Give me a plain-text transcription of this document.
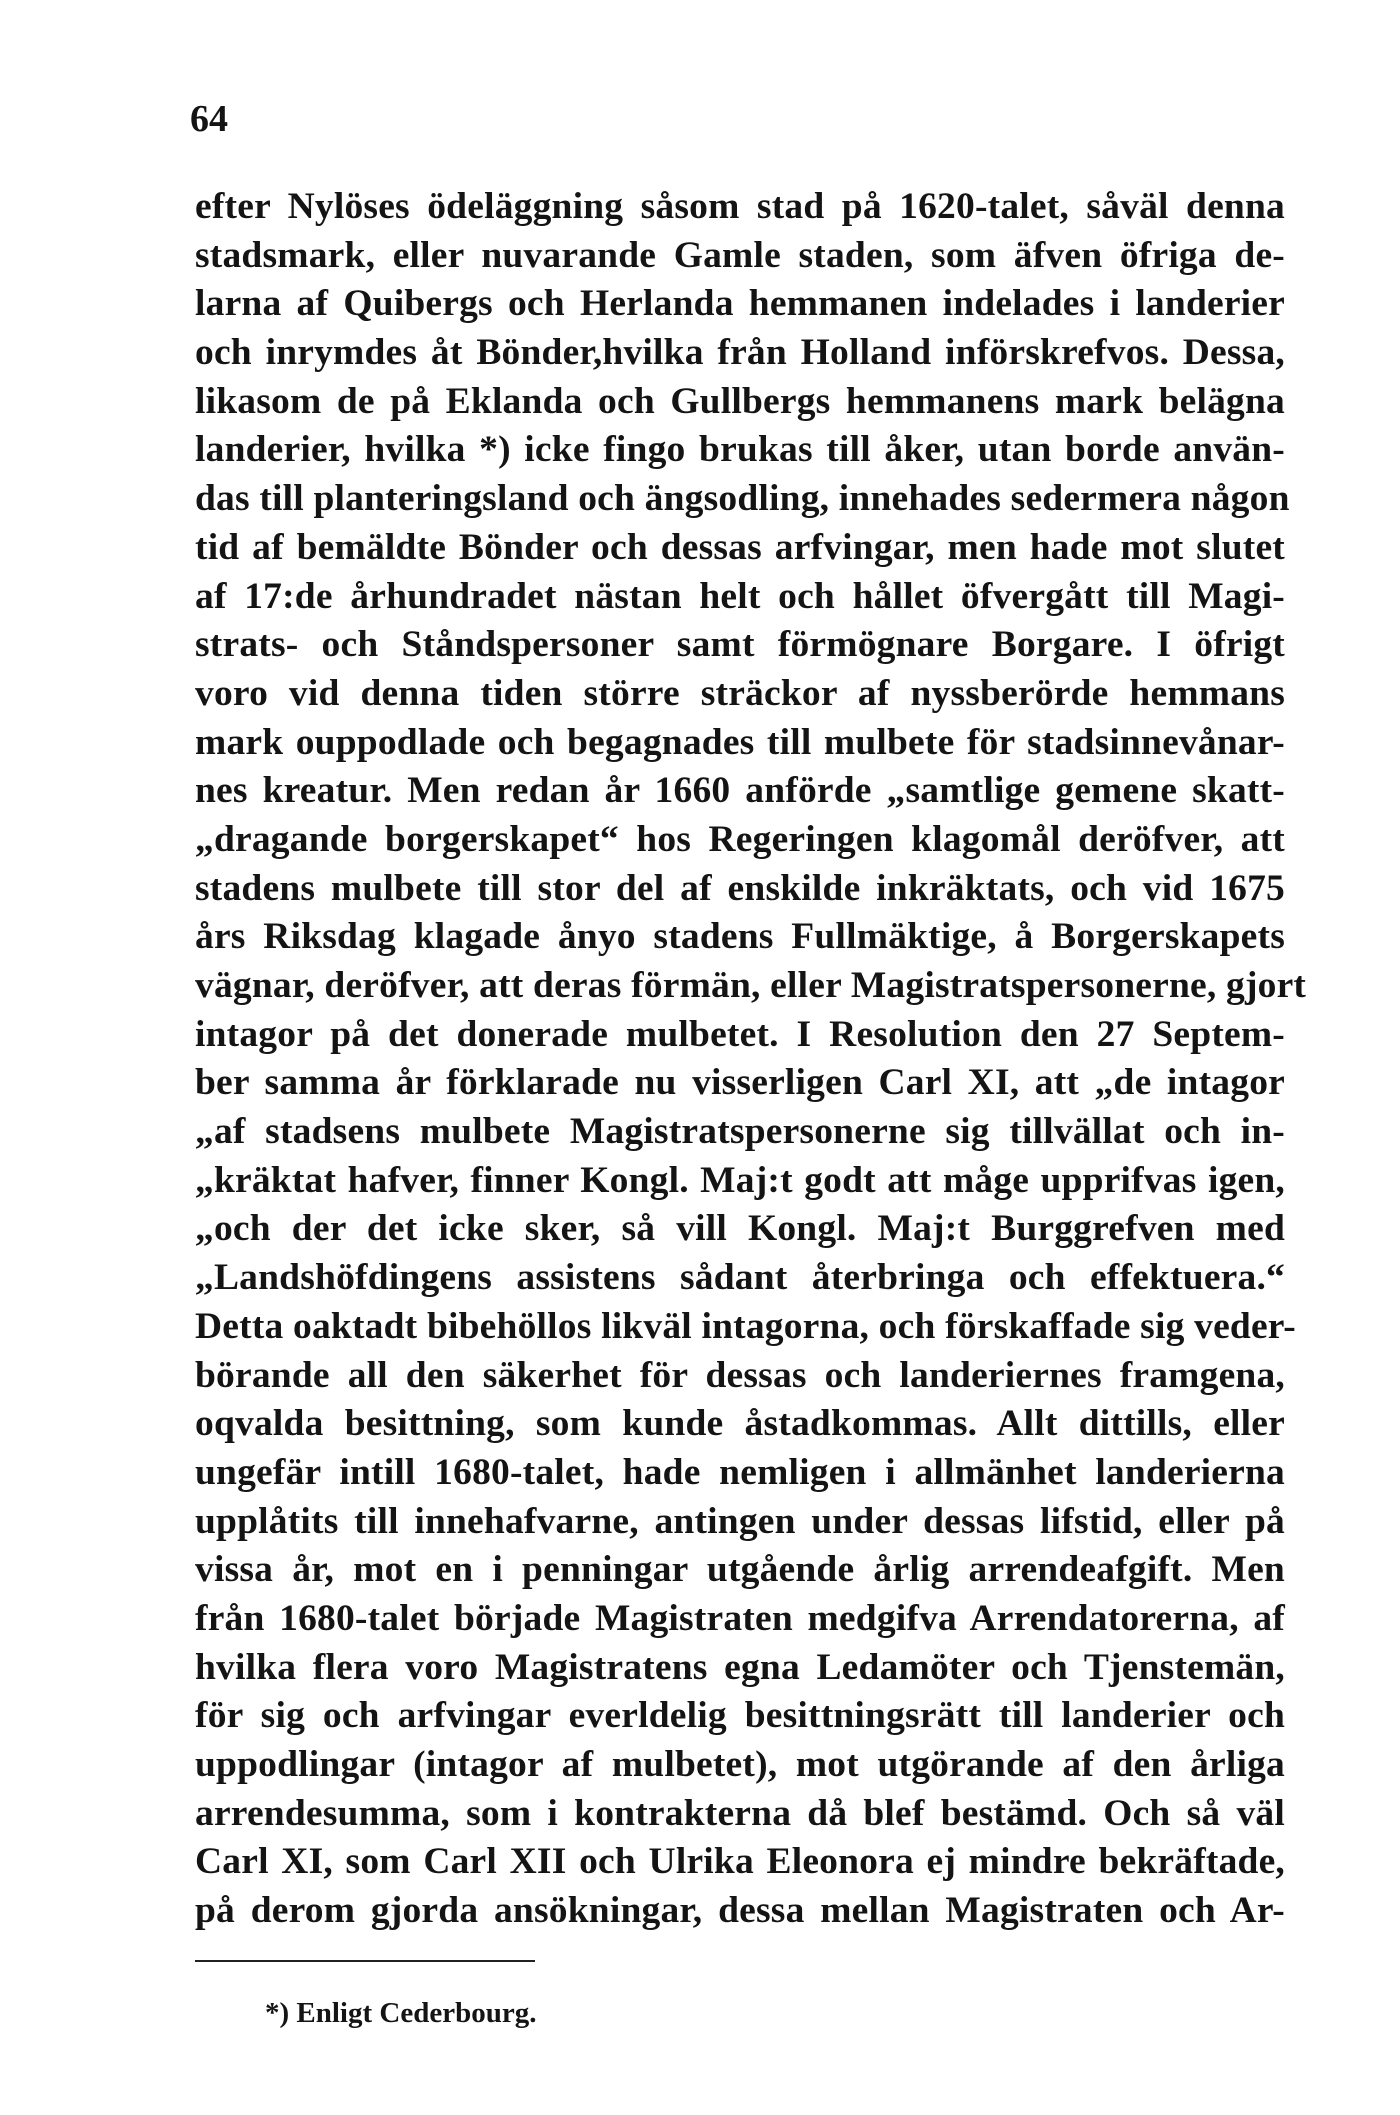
64
efter Nylöses ödeläggning såsom stad på 1620-talet, såväl denna
stadsmark, eller nuvarande Gamle staden, som äfven öfriga de-
larna af Quibergs och Herlanda hemmanen indelades i landerier
och inrymdes åt Bönder,hvilka från Holland införskrefvos. Dessa,
likasom de på Eklanda och Gullbergs hemmanens mark belägna
landerier, hvilka *) icke fingo brukas till åker, utan borde använ-
das till planteringsland och ängsodling, innehades sedermera någon
tid af bemäldte Bönder och dessas arfvingar, men hade mot slutet
af 17:de århundradet nästan helt och hållet öfvergått till Magi-
strats- och Ståndspersoner samt förmögnare Borgare. I öfrigt
voro vid denna tiden större sträckor af nyssberörde hemmans
mark ouppodlade och begagnades till mulbete för stadsinnevånar-
nes kreatur. Men redan år 1660 anförde „samtlige gemene skatt-
„dragande borgerskapet“ hos Regeringen klagomål deröfver, att
stadens mulbete till stor del af enskilde inkräktats, och vid 1675
års Riksdag klagade ånyo stadens Fullmäktige, å Borgerskapets
vägnar, deröfver, att deras förmän, eller Magistratspersonerne, gjort
intagor på det donerade mulbetet. I Resolution den 27 Septem-
ber samma år förklarade nu visserligen Carl XI, att „de intagor
„af stadsens mulbete Magistratspersonerne sig tillvällat och in-
„kräktat hafver, finner Kongl. Maj:t godt att måge upprifvas igen,
„och der det icke sker, så vill Kongl. Maj:t Burggrefven med
„Landshöfdingens assistens sådant återbringa och effektuera.“
Detta oaktadt bibehöllos likväl intagorna, och förskaffade sig veder-
börande all den säkerhet för dessas och landeriernes framgena,
oqvalda besittning, som kunde åstadkommas. Allt dittills, eller
ungefär intill 1680-talet, hade nemligen i allmänhet landerierna
upplåtits till innehafvarne, antingen under dessas lifstid, eller på
vissa år, mot en i penningar utgående årlig arrendeafgift. Men
från 1680-talet började Magistraten medgifva Arrendatorerna, af
hvilka flera voro Magistratens egna Ledamöter och Tjenstemän,
för sig och arfvingar everldelig besittningsrätt till landerier och
uppodlingar (intagor af mulbetet), mot utgörande af den årliga
arrendesumma, som i kontrakterna då blef bestämd. Och så väl
Carl XI, som Carl XII och Ulrika Eleonora ej mindre bekräftade,
på derom gjorda ansökningar, dessa mellan Magistraten och Ar-
*) Enligt Cederbourg.
